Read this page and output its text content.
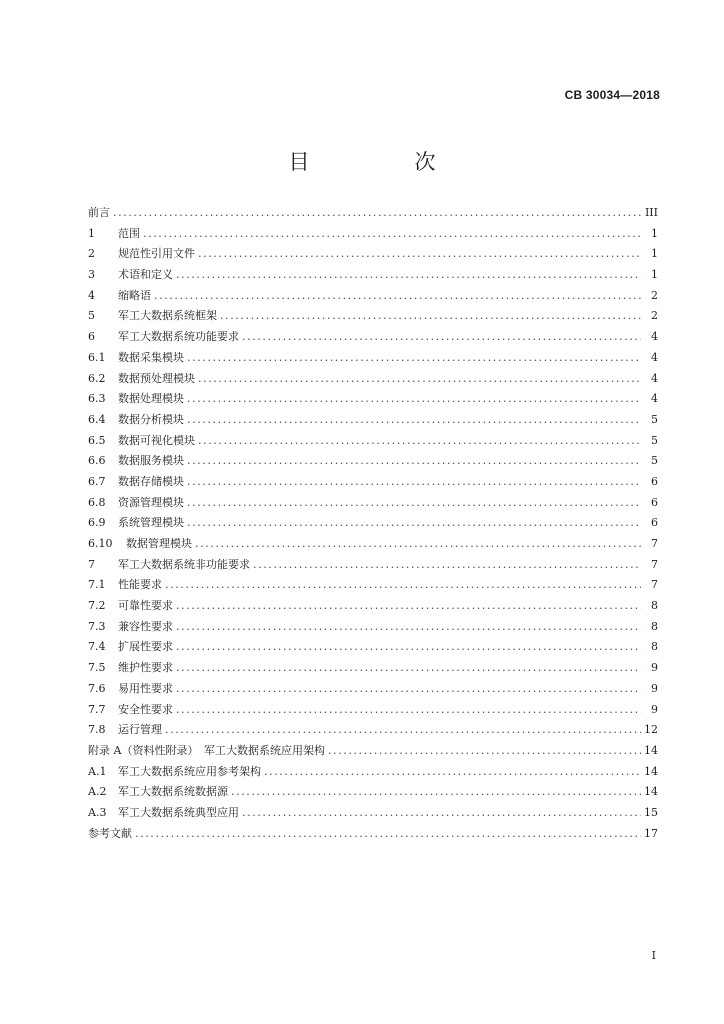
CB 30034—2018
目　次
前言 .....	III
1	范围 .....	1
2	规范性引用文件 .....	1
3	术语和定义 .....	1
4	缩略语 .....	2
5	军工大数据系统框架 .....	2
6	军工大数据系统功能要求 .....	4
6.1	数据采集模块 .....	4
6.2	数据预处理模块 .....	4
6.3	数据处理模块 .....	4
6.4	数据分析模块 .....	5
6.5	数据可视化模块 .....	5
6.6	数据服务模块 .....	5
6.7	数据存储模块 .....	6
6.8	资源管理模块 .....	6
6.9	系统管理模块 .....	6
6.10	数据管理模块 .....	7
7	军工大数据系统非功能要求 .....	7
7.1	性能要求 .....	7
7.2	可靠性要求 .....	8
7.3	兼容性要求 .....	8
7.4	扩展性要求 .....	8
7.5	维护性要求 .....	9
7.6	易用性要求 .....	9
7.7	安全性要求 .....	9
7.8	运行管理 .....	12
附录 A（资料性附录）　军工大数据系统应用架构 .....	14
A.1	军工大数据系统应用参考架构 .....	14
A.2	军工大数据系统数据源 .....	14
A.3	军工大数据系统典型应用 .....	15
参考文献 .....	17
I
